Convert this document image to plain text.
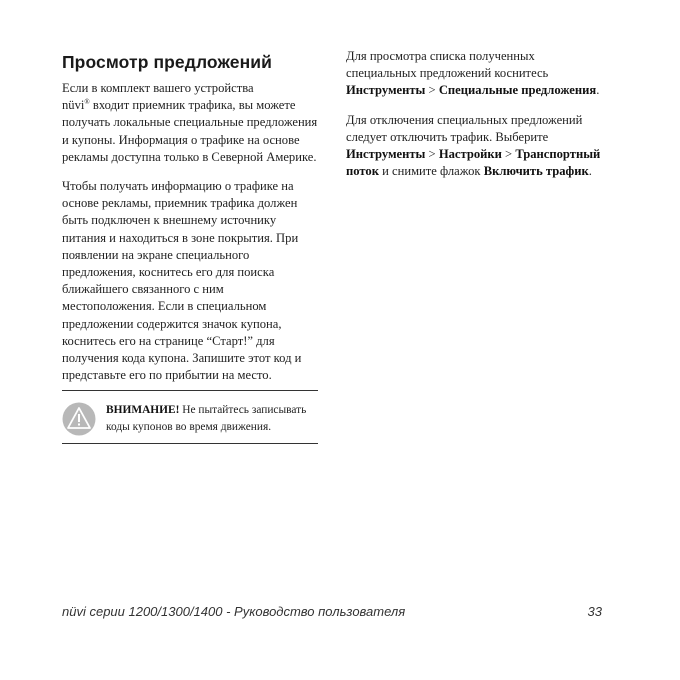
Просмотр предложений

Если в комплект вашего устройства
nüvi® входит приемник трафика, вы можете получать локальные специальные предложения и купоны. Информация о трафике на основе рекламы доступна только в Северной Америке.

Чтобы получать информацию о трафике на основе рекламы, приемник трафика должен быть подключен к внешнему источнику питания и находиться в зоне покрытия. При появлении на экране специального предложения, коснитесь его для поиска ближайшего связанного с ним местоположения. Если в специальном предложении содержится значок купона, коснитесь его на странице “Старт!” для получения кода купона. Запишите этот код и представьте его по прибытии на место.

ВНИМАНИЕ! Не пытайтесь записывать коды купонов во время движения.

Для просмотра списка полученных специальных предложений коснитесь Инструменты > Специальные предложения.

Для отключения специальных предложений следует отключить трафик. Выберите Инструменты > Настройки > Транспортный поток и снимите флажок Включить трафик.

nüvi серии 1200/1300/1400 - Руководство пользователя	33
